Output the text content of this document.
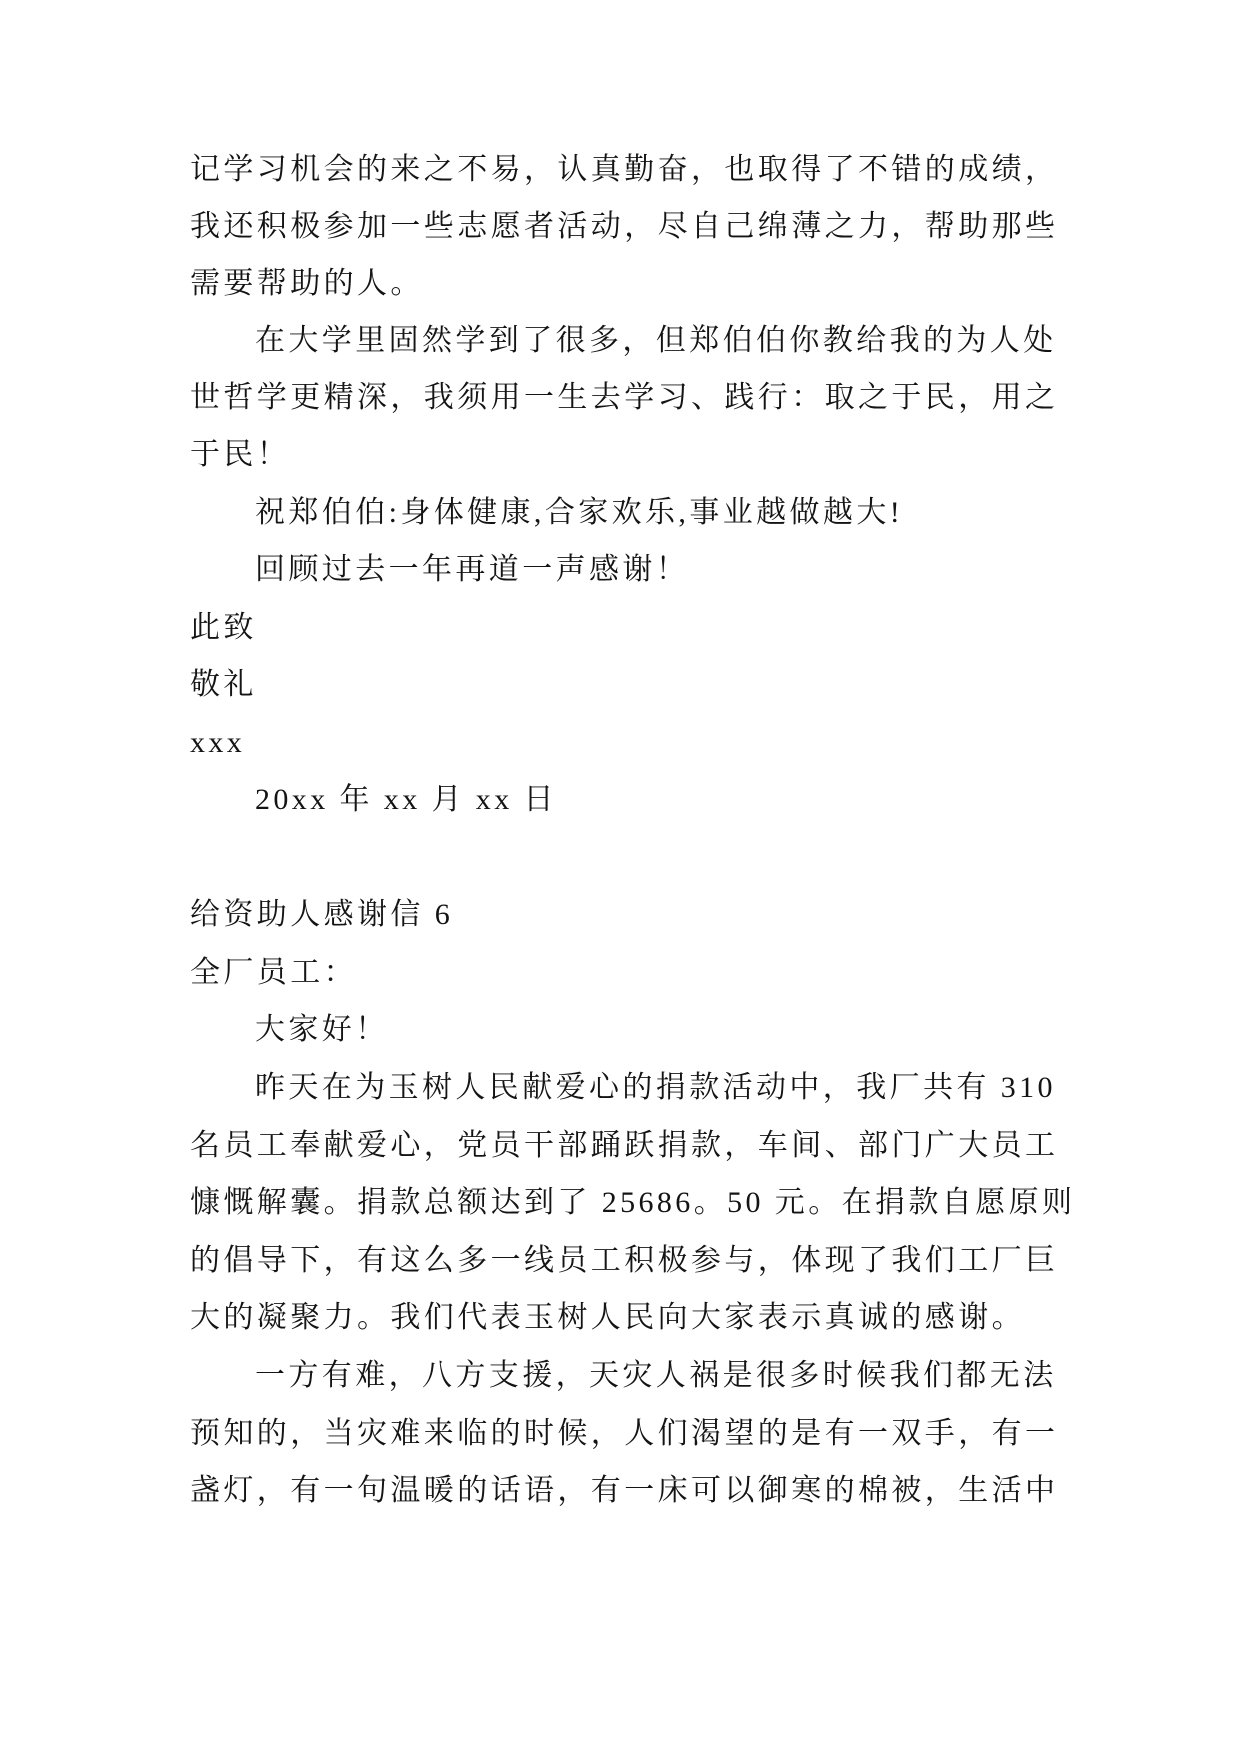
记学习机会的来之不易，认真勤奋，也取得了不错的成绩，
我还积极参加一些志愿者活动，尽自己绵薄之力，帮助那些
需要帮助的人。
在大学里固然学到了很多，但郑伯伯你教给我的为人处
世哲学更精深，我须用一生去学习、践行：取之于民，用之
于民！
祝郑伯伯:身体健康,合家欢乐,事业越做越大!
回顾过去一年再道一声感谢！
此致
敬礼
xxx
20xx 年 xx 月 xx 日
给资助人感谢信 6
全厂员工：
大家好！
昨天在为玉树人民献爱心的捐款活动中，我厂共有 310
名员工奉献爱心，党员干部踊跃捐款，车间、部门广大员工
慷慨解囊。捐款总额达到了 25686。50 元。在捐款自愿原则
的倡导下，有这么多一线员工积极参与，体现了我们工厂巨
大的凝聚力。我们代表玉树人民向大家表示真诚的感谢。
一方有难，八方支援，天灾人祸是很多时候我们都无法
预知的，当灾难来临的时候，人们渴望的是有一双手，有一
盏灯，有一句温暖的话语，有一床可以御寒的棉被，生活中
